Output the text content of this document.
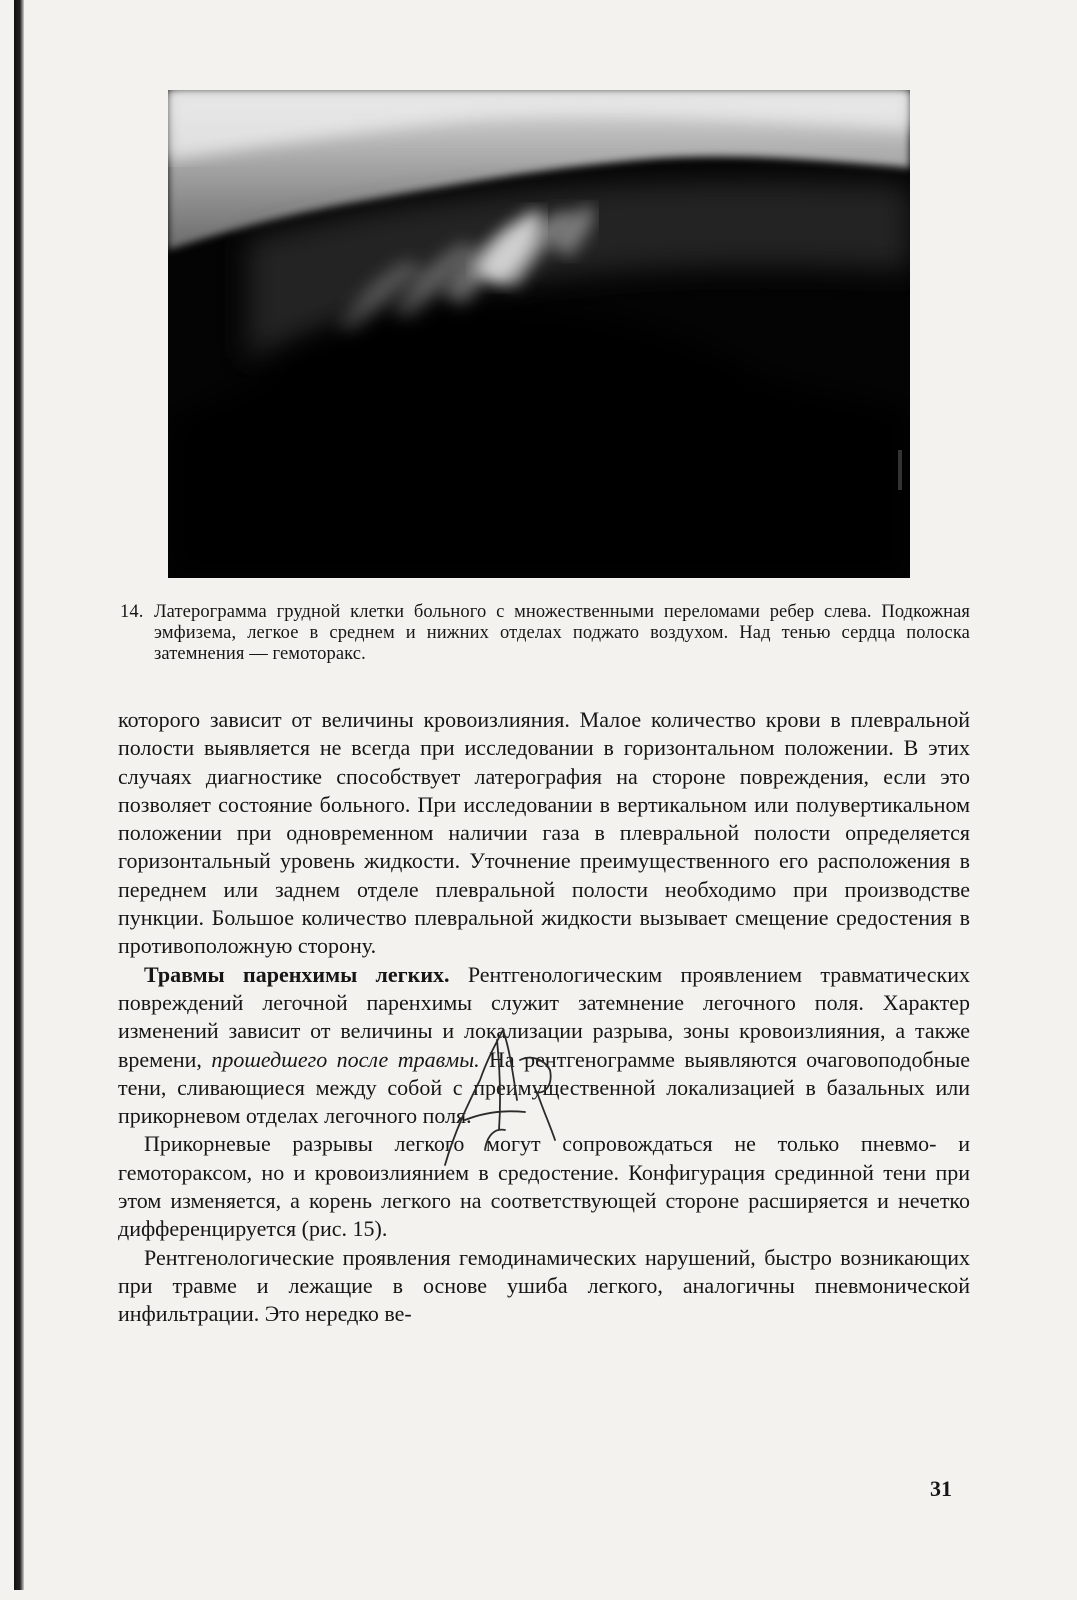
14. Латерограмма грудной клетки больного с множественными переломами ребер слева. Подкожная эмфизема, легкое в среднем и нижних отделах поджато воздухом. Над тенью сердца полоска затемнения — гемоторакс.

которого зависит от величины кровоизлияния. Малое количество крови в плевральной полости выявляется не всегда при исследовании в горизонтальном положении. В этих случаях диагностике способствует латерография на стороне повреждения, если это позволяет состояние больного. При исследовании в вертикальном или полувертикальном положении при одновременном наличии газа в плевральной полости определяется горизонтальный уровень жидкости. Уточнение преимущественного его расположения в переднем или заднем отделе плевральной полости необходимо при производстве пункции. Большое количество плевральной жидкости вызывает смещение средостения в противоположную сторону.

Травмы паренхимы легких. Рентгенологическим проявлением травматических повреждений легочной паренхимы служит затемнение легочного поля. Характер изменений зависит от величины и локализации разрыва, зоны кровоизлияния, а также времени, прошедшего после травмы. На рентгенограмме выявляются очаговоподобные тени, сливающиеся между собой с преимущественной локализацией в базальных или прикорневом отделах легочного поля.

Прикорневые разрывы легкого могут сопровождаться не только пневмо- и гемотораксом, но и кровоизлиянием в средостение. Конфигурация срединной тени при этом изменяется, а корень легкого на соответствующей стороне расширяется и нечетко дифференцируется (рис. 15).

Рентгенологические проявления гемодинамических нарушений, быстро возникающих при травме и лежащие в основе ушиба легкого, аналогичны пневмонической инфильтрации. Это нередко ве-

31
